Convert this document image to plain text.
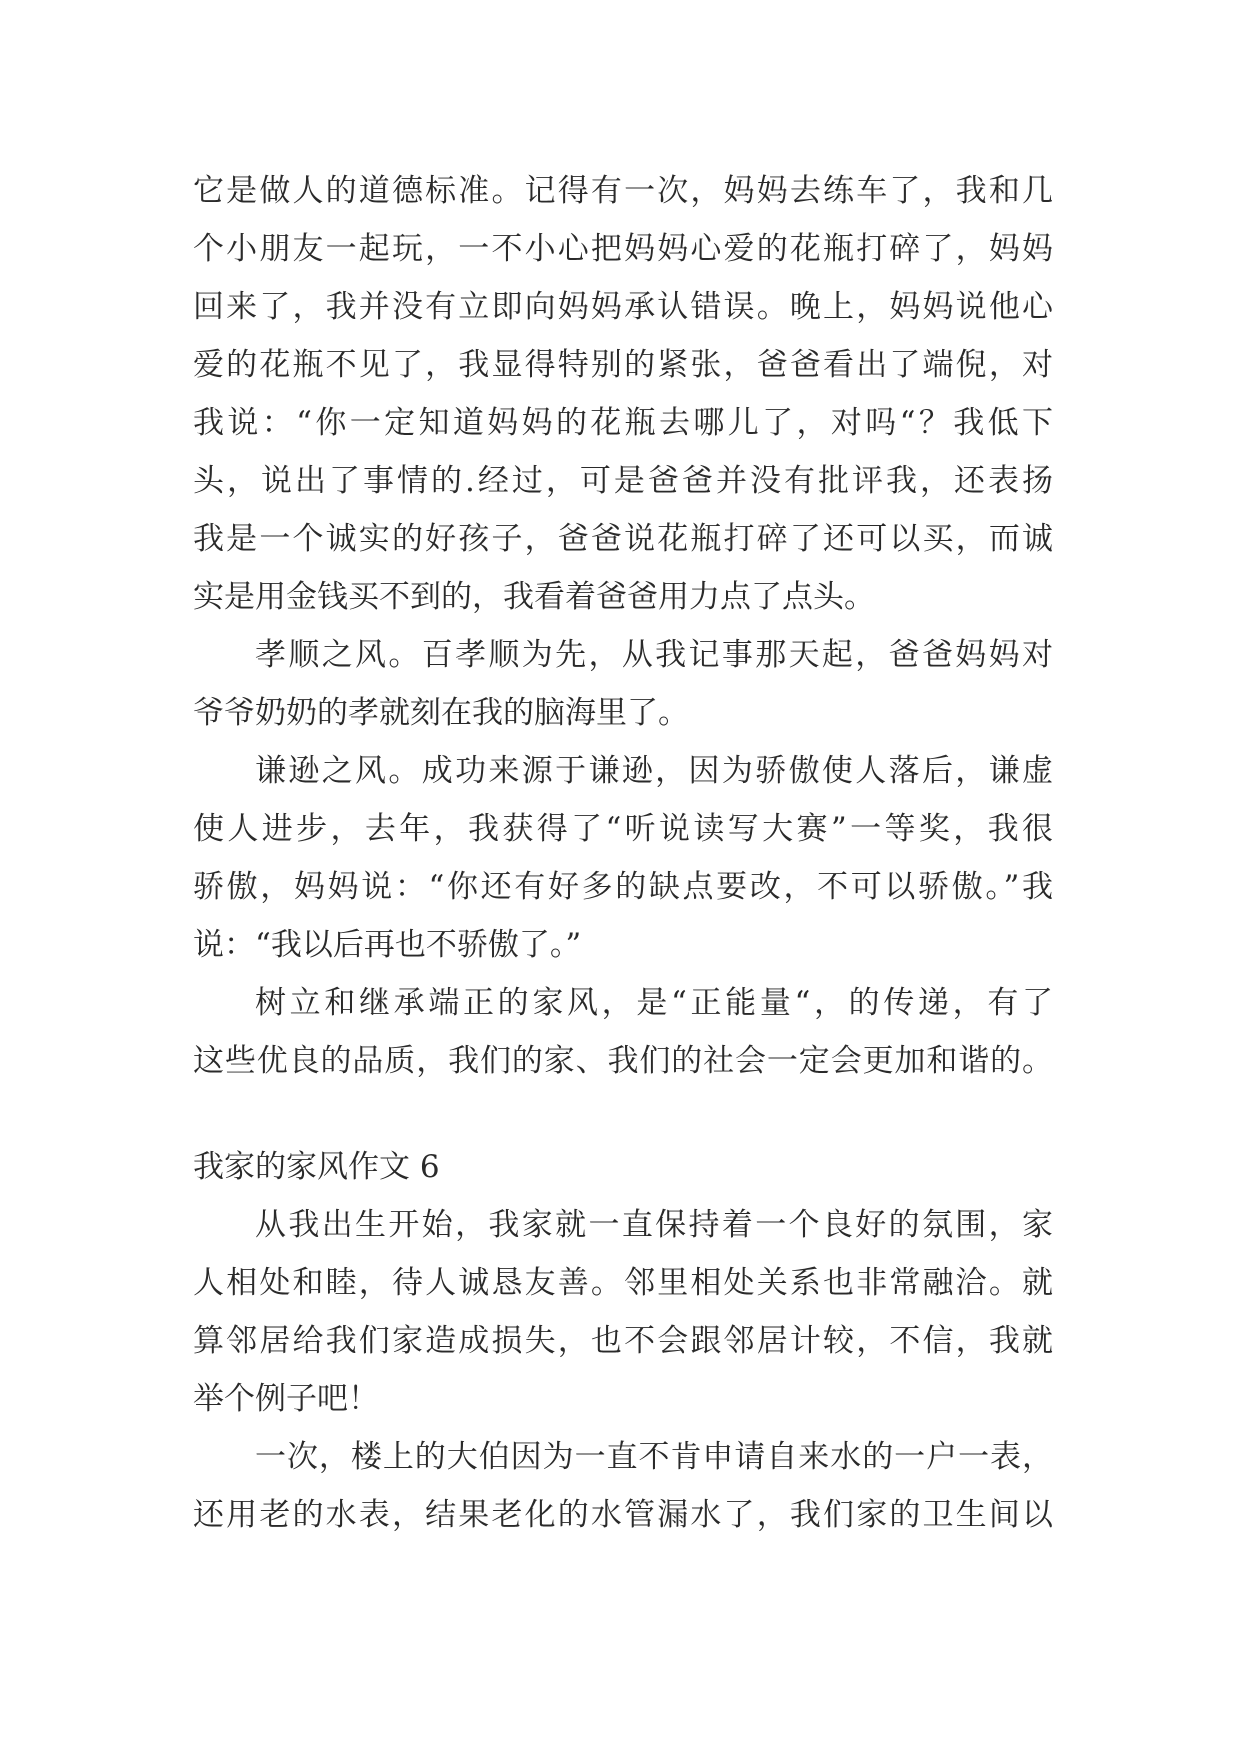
它是做人的道德标准。记得有一次，妈妈去练车了，我和几
个小朋友一起玩，一不小心把妈妈心爱的花瓶打碎了，妈妈
回来了，我并没有立即向妈妈承认错误。晚上，妈妈说他心
爱的花瓶不见了，我显得特别的紧张，爸爸看出了端倪，对
我说：“你一定知道妈妈的花瓶去哪儿了，对吗“？我低下
头，说出了事情的.经过，可是爸爸并没有批评我，还表扬
我是一个诚实的好孩子，爸爸说花瓶打碎了还可以买，而诚
实是用金钱买不到的，我看着爸爸用力点了点头。
孝顺之风。百孝顺为先，从我记事那天起，爸爸妈妈对
爷爷奶奶的孝就刻在我的脑海里了。
谦逊之风。成功来源于谦逊，因为骄傲使人落后，谦虚
使人进步，去年，我获得了“听说读写大赛”一等奖，我很
骄傲，妈妈说：“你还有好多的缺点要改，不可以骄傲。”我
说：“我以后再也不骄傲了。”
树立和继承端正的家风，是“正能量“，的传递，有了
这些优良的品质，我们的家、我们的社会一定会更加和谐的。
我家的家风作文 6
从我出生开始，我家就一直保持着一个良好的氛围，家
人相处和睦，待人诚恳友善。邻里相处关系也非常融洽。就
算邻居给我们家造成损失，也不会跟邻居计较，不信，我就
举个例子吧！
一次，楼上的大伯因为一直不肯申请自来水的一户一表，
还用老的水表，结果老化的水管漏水了，我们家的卫生间以
